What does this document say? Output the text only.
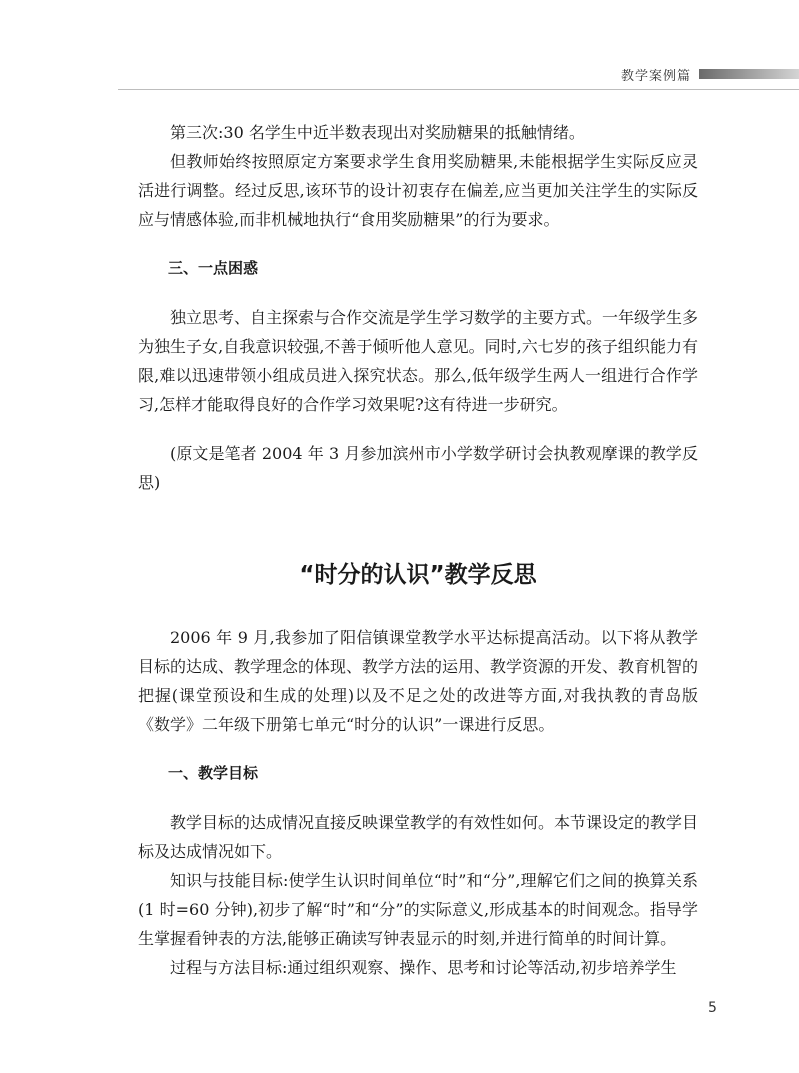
教学案例篇

第三次:30 名学生中近半数表现出对奖励糖果的抵触情绪。

但教师始终按照原定方案要求学生食用奖励糖果,未能根据学生实际反应灵活进行调整。经过反思,该环节的设计初衷存在偏差,应当更加关注学生的实际反应与情感体验,而非机械地执行“食用奖励糖果”的行为要求。

三、一点困惑

独立思考、自主探索与合作交流是学生学习数学的主要方式。一年级学生多为独生子女,自我意识较强,不善于倾听他人意见。同时,六七岁的孩子组织能力有限,难以迅速带领小组成员进入探究状态。那么,低年级学生两人一组进行合作学习,怎样才能取得良好的合作学习效果呢?这有待进一步研究。

(原文是笔者 2004 年 3 月参加滨州市小学数学研讨会执教观摩课的教学反思)

“时分的认识”教学反思

2006 年 9 月,我参加了阳信镇课堂教学水平达标提高活动。以下将从教学目标的达成、教学理念的体现、教学方法的运用、教学资源的开发、教育机智的把握(课堂预设和生成的处理)以及不足之处的改进等方面,对我执教的青岛版《数学》二年级下册第七单元“时分的认识”一课进行反思。

一、教学目标

教学目标的达成情况直接反映课堂教学的有效性如何。本节课设定的教学目标及达成情况如下。

知识与技能目标:使学生认识时间单位“时”和“分”,理解它们之间的换算关系(1 时=60 分钟),初步了解“时”和“分”的实际意义,形成基本的时间观念。指导学生掌握看钟表的方法,能够正确读写钟表显示的时刻,并进行简单的时间计算。

过程与方法目标:通过组织观察、操作、思考和讨论等活动,初步培养学生

5
